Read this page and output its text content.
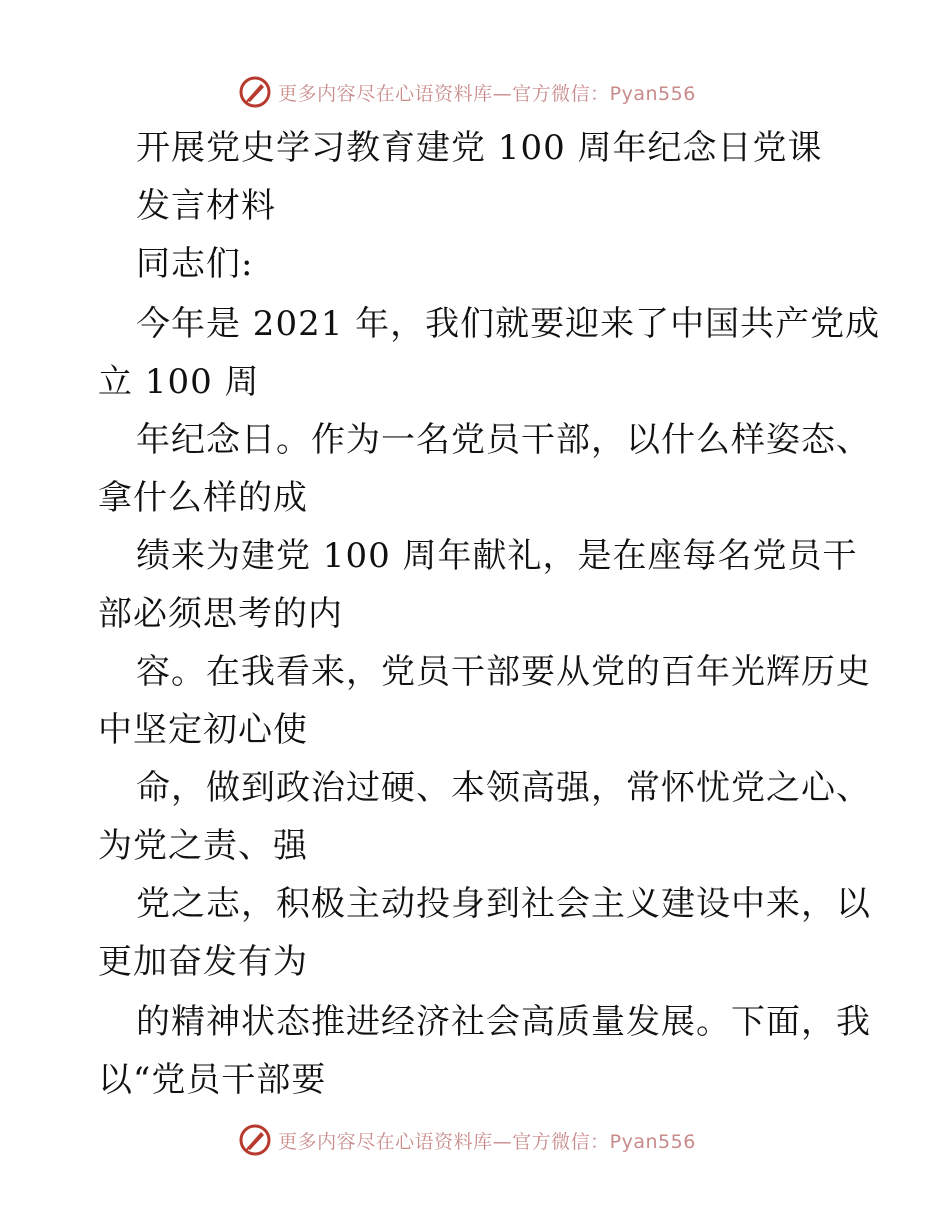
更多内容尽在心语资料库—官方微信：Pyan556
开展党史学习教育建党 100 周年纪念日党课
发言材料
同志们:
今年是 2021 年，我们就要迎来了中国共产党成
立 100 周
年纪念日。作为一名党员干部，以什么样姿态、
拿什么样的成
绩来为建党 100 周年献礼，是在座每名党员干
部必须思考的内
容。在我看来，党员干部要从党的百年光辉历史
中坚定初心使
命，做到政治过硬、本领高强，常怀忧党之心、
为党之责、强
党之志，积极主动投身到社会主义建设中来，以
更加奋发有为
的精神状态推进经济社会高质量发展。下面，我
以“党员干部要
更多内容尽在心语资料库—官方微信：Pyan556
